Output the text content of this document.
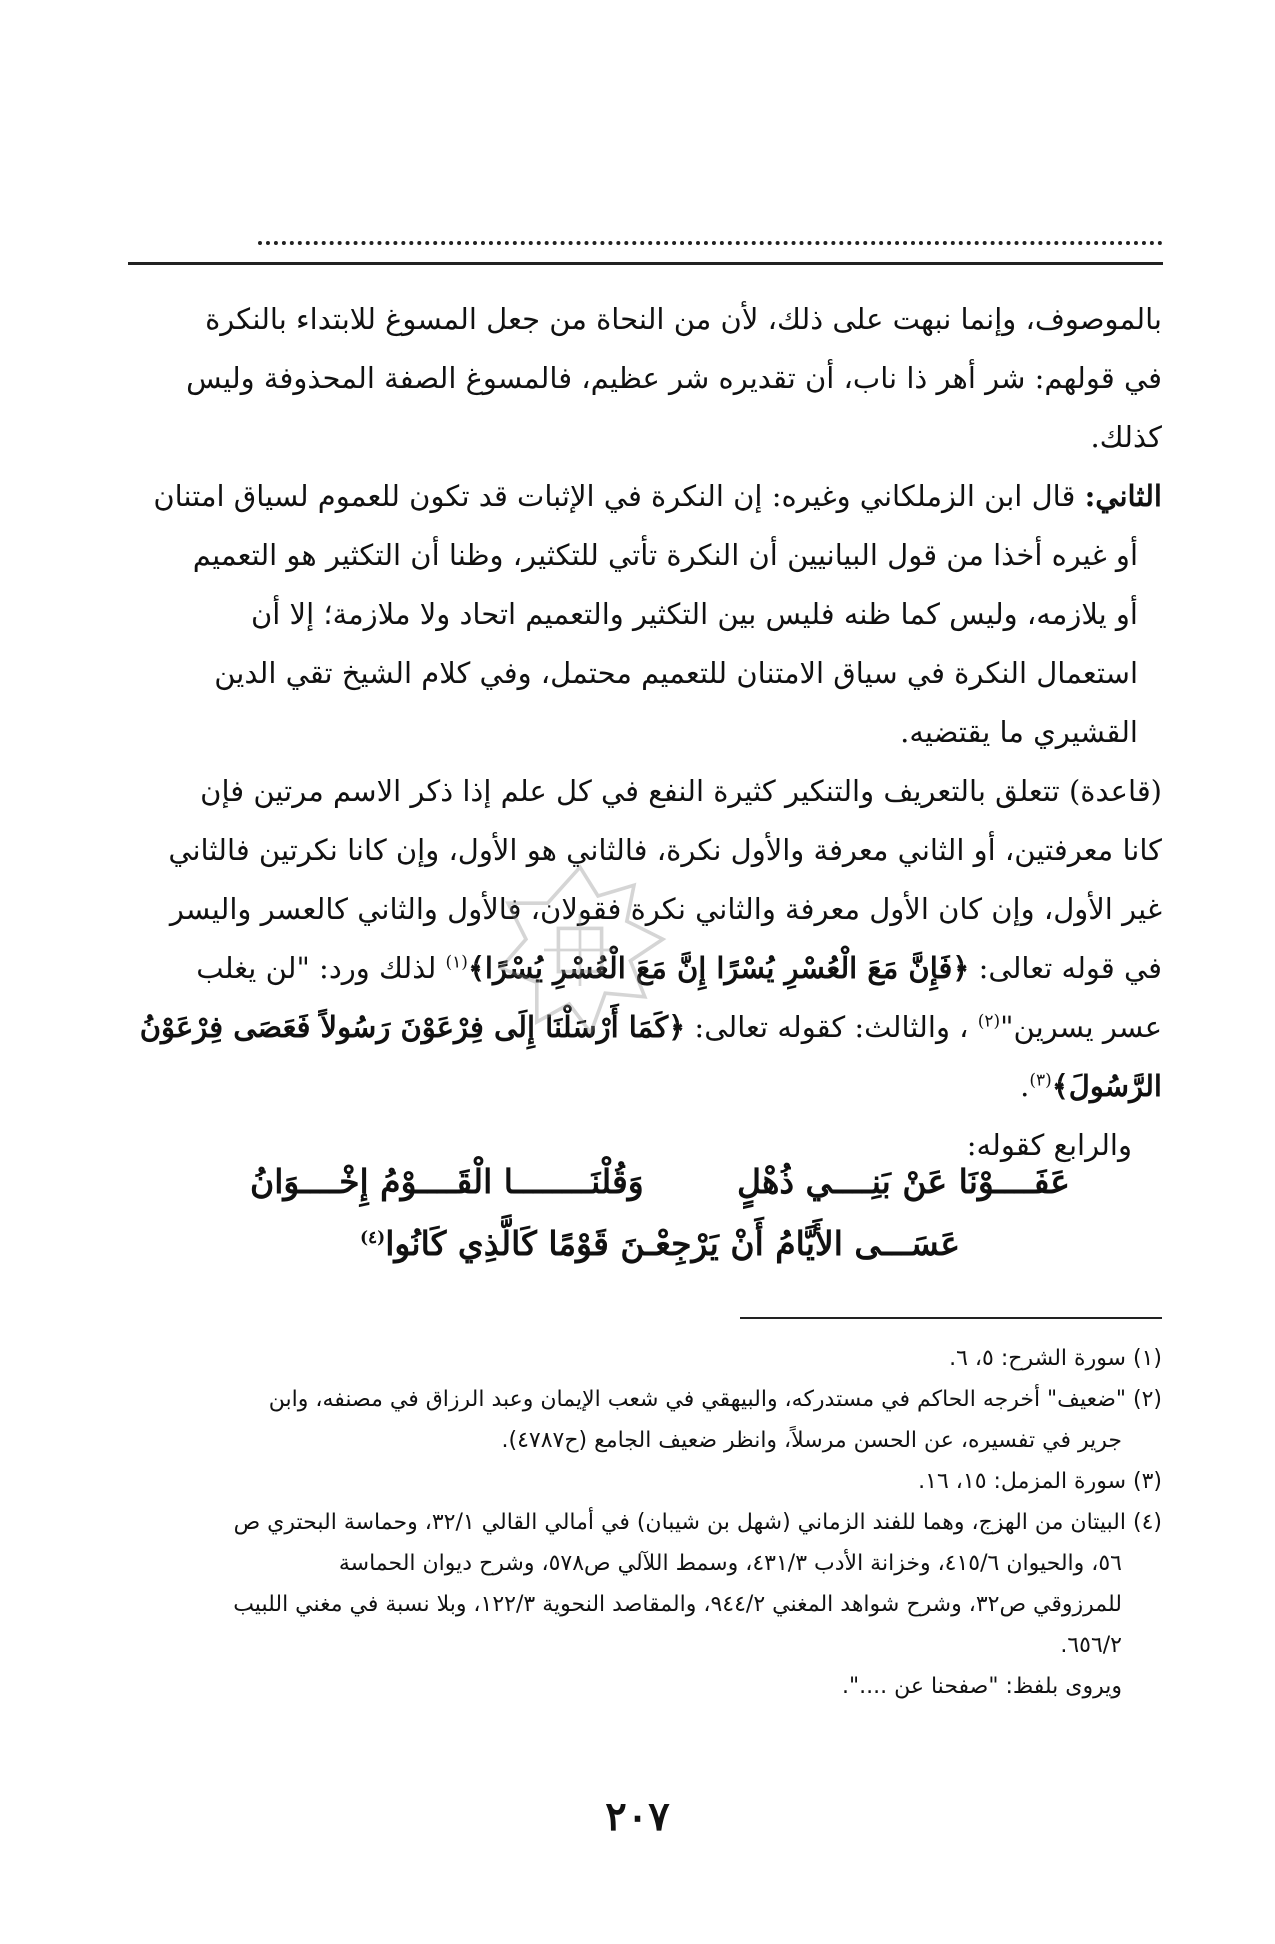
بالموصوف، وإنما نبهت على ذلك، لأن من النحاة من جعل المسوغ للابتداء بالنكرة
في قولهم: شر أهر ذا ناب، أن تقديره شر عظيم، فالمسوغ الصفة المحذوفة وليس
كذلك.

الثاني: قال ابن الزملكاني وغيره: إن النكرة في الإثبات قد تكون للعموم لسياق امتنان
أو غيره أخذا من قول البيانيين أن النكرة تأتي للتكثير، وظنا أن التكثير هو التعميم
أو يلازمه، وليس كما ظنه فليس بين التكثير والتعميم اتحاد ولا ملازمة؛ إلا أن
استعمال النكرة في سياق الامتنان للتعميم محتمل، وفي كلام الشيخ تقي الدين
القشيري ما يقتضيه.

(قاعدة) تتعلق بالتعريف والتنكير كثيرة النفع في كل علم إذا ذكر الاسم مرتين فإن
كانا معرفتين، أو الثاني معرفة والأول نكرة، فالثاني هو الأول، وإن كانا نكرتين فالثاني
غير الأول، وإن كان الأول معرفة والثاني نكرة فقولان، فالأول والثاني كالعسر واليسر
في قوله تعالى: ﴿فَإِنَّ مَعَ الْعُسْرِ يُسْرًا إِنَّ مَعَ الْعُسْرِ يُسْرًا﴾$^{(١)}$ لذلك ورد: "لن يغلب
عسر يسرين"$^{(٢)}$ ، والثالث: كقوله تعالى: ﴿كَمَا أَرْسَلْنَا إِلَى فِرْعَوْنَ رَسُولاً فَعَصَى فِرْعَوْنُ
الرَّسُولَ﴾$^{(٣)}$.

والرابع كقوله:

عَفَــــوْنَا عَنْ بَنِــــي ذُهْلٍ
وَقُلْنَــــــــا الْقَــــوْمُ إِخْــــوَانُ
عَسَـــى الأَيَّامُ أَنْ يَرْجِعْـنَ قَوْمًا كَالَّذِي كَانُوا$^{(٤)}$

(١) سورة الشرح: ٥، ٦.

(٢) "ضعيف" أخرجه الحاكم في مستدركه، والبيهقي في شعب الإيمان وعبد الرزاق في مصنفه، وابن

جرير في تفسيره، عن الحسن مرسلاً، وانظر ضعيف الجامع (ح٤٧٨٧).

(٣) سورة المزمل: ١٥، ١٦.

(٤) البيتان من الهزج، وهما للفند الزماني (شهل بن شيبان) في أمالي القالي ٣٢/١، وحماسة البحتري ص

٥٦، والحيوان ٤١٥/٦، وخزانة الأدب ٤٣١/٣، وسمط اللآلي ص٥٧٨، وشرح ديوان الحماسة

للمرزوقي ص٣٢، وشرح شواهد المغني ٩٤٤/٢، والمقاصد النحوية ١٢٢/٣، وبلا نسبة في مغني اللبيب

٦٥٦/٢.

ويروى بلفظ: "صفحنا عن ....".

٢٠٧
